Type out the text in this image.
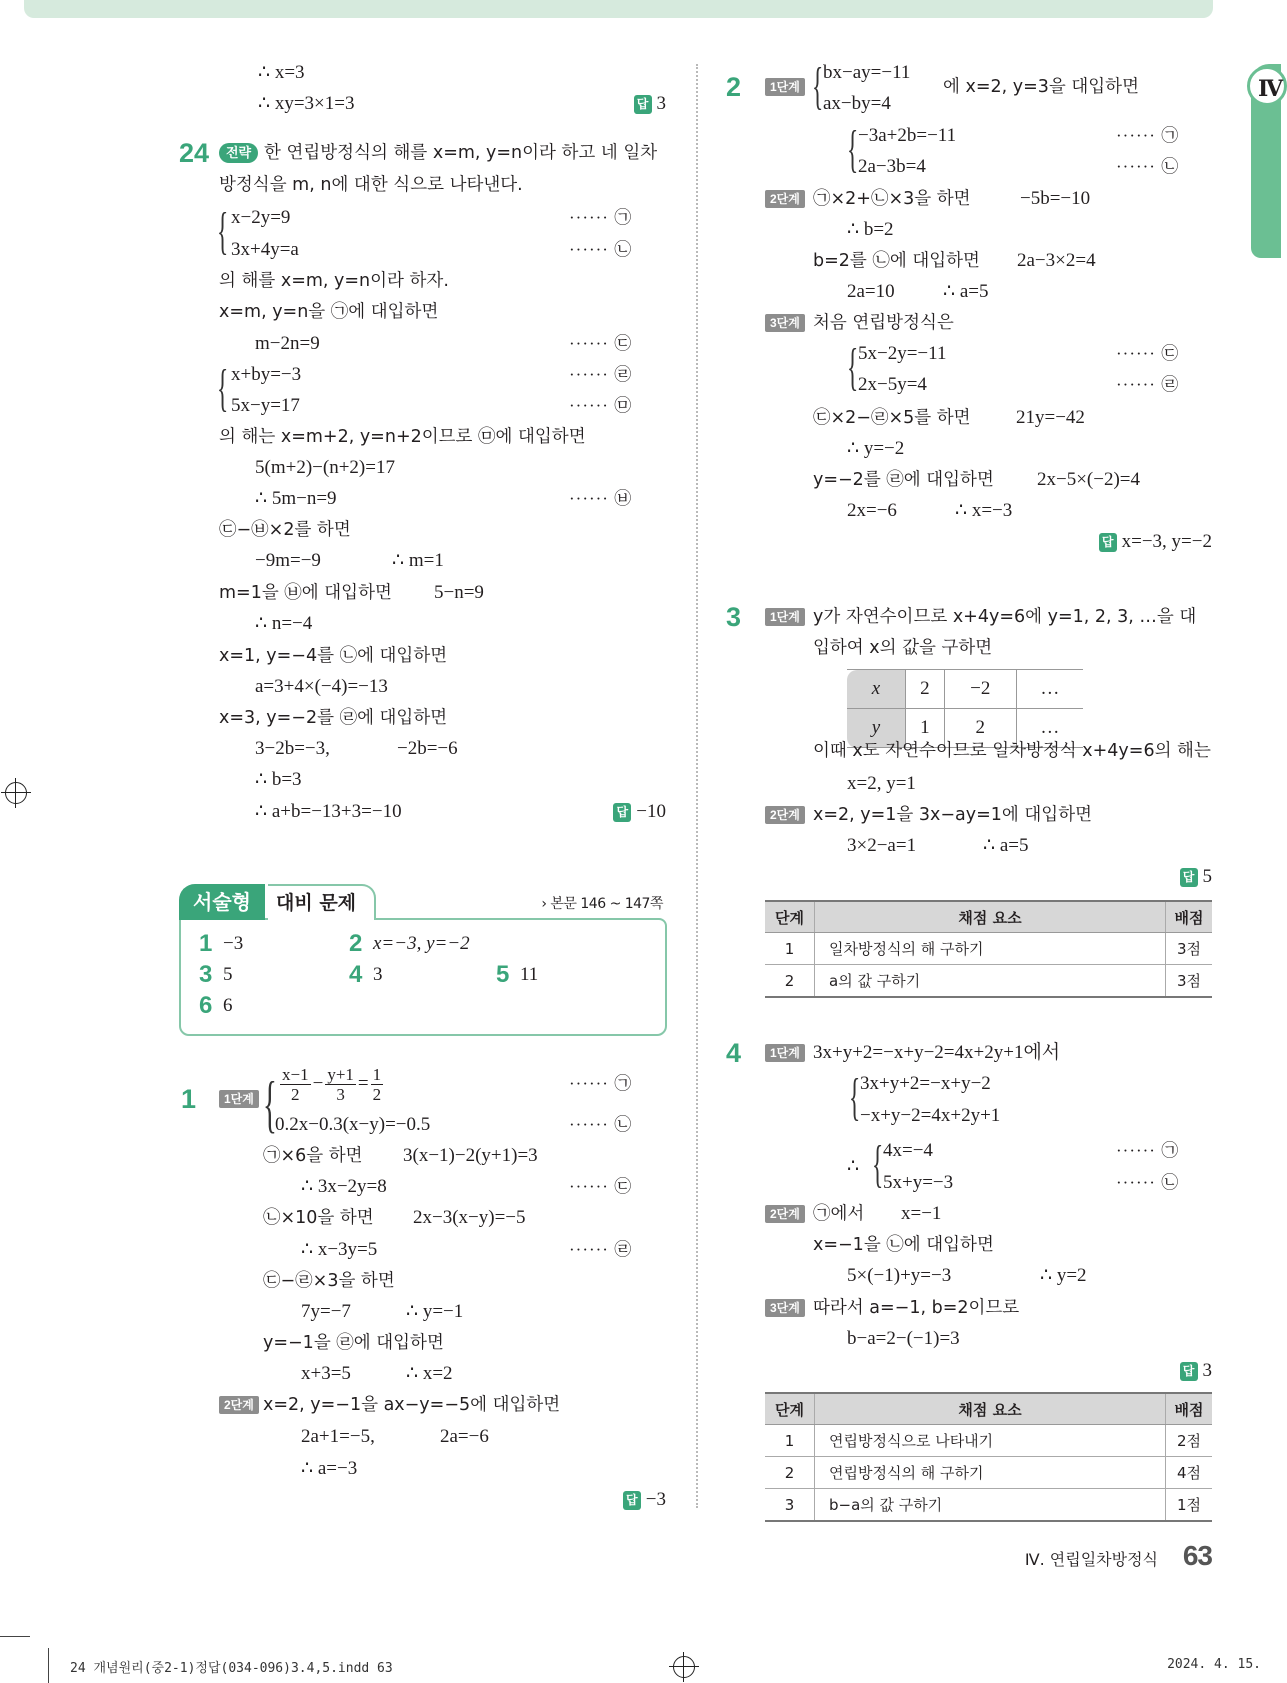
Ⅳ
∴ x=3
∴ xy=3×1=3	답 3
24	전략 한 연립방정식의 해를 x=m, y=n이라 하고 네 일차
방정식을 m, n에 대한 식으로 나타낸다.
{ x−2y=9
3x+4y=a
······ ㉠
······ ㉡
의 해를 x=m, y=n이라 하자.
x=m, y=n을 ㉠에 대입하면
m−2n=9	······ ㉢
{ x+by=−3
5x−y=17
······ ㉣
······ ㉤
의 해는 x=m+2, y=n+2이므로 ㉤에 대입하면
5(m+2)−(n+2)=17
∴ 5m−n=9	······ ㉥
㉢−㉥×2를 하면
−9m=−9	∴ m=1
m=1을 ㉥에 대입하면 5−n=9
∴ n=−4
x=1, y=−4를 ㉡에 대입하면
a=3+4×(−4)=−13
x=3, y=−2를 ㉣에 대입하면
3−2b=−3,	−2b=−6
∴ b=3
∴ a+b=−13+3=−10	답 −10
대비 문제
서술형	› 본문 146 ~ 147쪽
1 −3	2 x=−3, y=−2
3 5	4 3	5 11
6 6
1	1단계 { $\frac{x-1}{2} - \frac{y+1}{3} = \frac{1}{2}$
0.2x−0.3(x−y)=−0.5
······ ㉠
······ ㉡
㉠×6을 하면 3(x−1)−2(y+1)=3
∴ 3x−2y=8	······ ㉢
㉡×10을 하면 2x−3(x−y)=−5
∴ x−3y=5	······ ㉣
㉢−㉣×3을 하면
7y=−7	∴ y=−1
y=−1을 ㉣에 대입하면
x+3=5	∴ x=2
2단계 x=2, y=−1을 ax−y=−5에 대입하면
2a+1=−5,	2a=−6
∴ a=−3
답 −3
2	1단계 { bx−ay=−11
ax−by=4
에 x=2, y=3을 대입하면
{ −3a+2b=−11
2a−3b=4
······ ㉠
······ ㉡
2단계 ㉠×2+㉡×3을 하면	−5b=−10
∴ b=2
b=2를 ㉡에 대입하면 2a−3×2=4
2a=10	∴ a=5
3단계 처음 연립방정식은
{ 5x−2y=−11
2x−5y=4
······ ㉢
······ ㉣
㉢×2−㉣×5를 하면 21y=−42
∴ y=−2
y=−2를 ㉣에 대입하면 2x−5×(−2)=4
2x=−6	∴ x=−3
답 x=−3, y=−2
3	1단계 y가 자연수이므로 x+4y=6에 y=1, 2, 3, …을 대
입하여 x의 값을 구하면
x	2	−2	…
y	1	2	…
이때 x도 자연수이므로 일차방정식 x+4y=6의 해는
x=2, y=1
2단계 x=2, y=1을 3x−ay=1에 대입하면
3×2−a=1	∴ a=5
답 5
단계	채점 요소	배점
1	일차방정식의 해 구하기	3점
2	a의 값 구하기	3점
4	1단계 3x+y+2=−x+y−2=4x+2y+1에서
{ 3x+y+2=−x+y−2
−x+y−2=4x+2y+1
∴ { 4x=−4
5x+y=−3
······ ㉠
······ ㉡
2단계 ㉠에서 x=−1
x=−1을 ㉡에 대입하면
5×(−1)+y=−3	∴ y=2
3단계 따라서 a=−1, b=2이므로
b−a=2−(−1)=3
답 3
단계	채점 요소	배점
1	연립방정식으로 나타내기	2점
2	연립방정식의 해 구하기	4점
3	b−a의 값 구하기	1점
Ⅳ. 연립일차방정식 63
24 개념원리(중2-1)정답(034-096)3.4,5.indd 63	2024. 4. 15.
